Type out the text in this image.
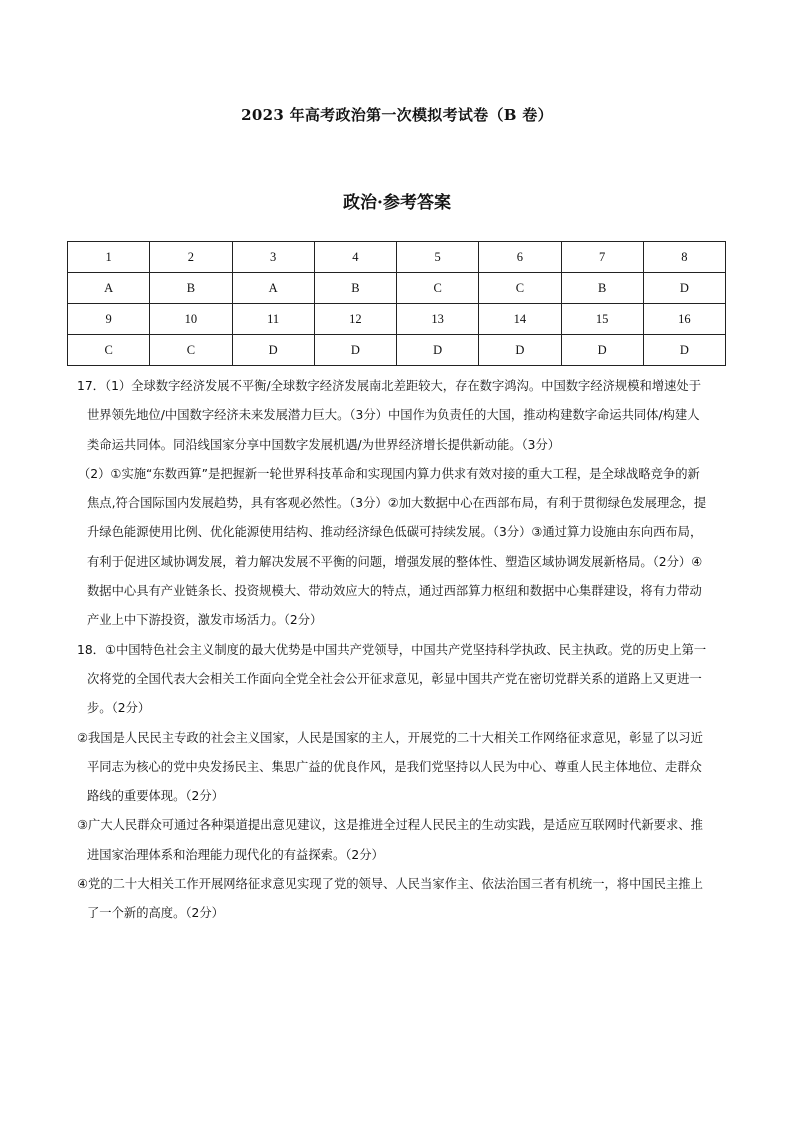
2023 年高考政治第一次模拟考试卷（B 卷）
政治·参考答案
1	2	3	4	5	6	7	8
A	B	A	B	C	C	B	D
9	10	11	12	13	14	15	16
C	C	D	D	D	D	D	D

17．（1）全球数字经济发展不平衡/全球数字经济发展南北差距较大，存在数字鸿沟。中国数字经济规模和增速处于世界领先地位/中国数字经济未来发展潜力巨大。（3分）中国作为负责任的大国，推动构建数字命运共同体/构建人类命运共同体。同沿线国家分享中国数字发展机遇/为世界经济增长提供新动能。（3分）

（2）①实施“东数西算”是把握新一轮世界科技革命和实现国内算力供求有效对接的重大工程，是全球战略竞争的新焦点,符合国际国内发展趋势，具有客观必然性。（3分）②加大数据中心在西部布局，有利于贯彻绿色发展理念，提升绿色能源使用比例、优化能源使用结构、推动经济绿色低碳可持续发展。（3分）③通过算力设施由东向西布局，有利于促进区域协调发展，着力解决发展不平衡的问题，增强发展的整体性、塑造区域协调发展新格局。（2分）④数据中心具有产业链条长、投资规模大、带动效应大的特点，通过西部算力枢纽和数据中心集群建设，将有力带动产业上中下游投资，激发市场活力。（2分）

18．①中国特色社会主义制度的最大优势是中国共产党领导，中国共产党坚持科学执政、民主执政。党的历史上第一次将党的全国代表大会相关工作面向全党全社会公开征求意见，彰显中国共产党在密切党群关系的道路上又更进一步。（2分）

②我国是人民民主专政的社会主义国家，人民是国家的主人，开展党的二十大相关工作网络征求意见，彰显了以习近平同志为核心的党中央发扬民主、集思广益的优良作风，是我们党坚持以人民为中心、尊重人民主体地位、走群众路线的重要体现。（2分）

③广大人民群众可通过各种渠道提出意见建议，这是推进全过程人民民主的生动实践，是适应互联网时代新要求、推进国家治理体系和治理能力现代化的有益探索。（2分）

④党的二十大相关工作开展网络征求意见实现了党的领导、人民当家作主、依法治国三者有机统一，将中国民主推上了一个新的高度。（2分）
